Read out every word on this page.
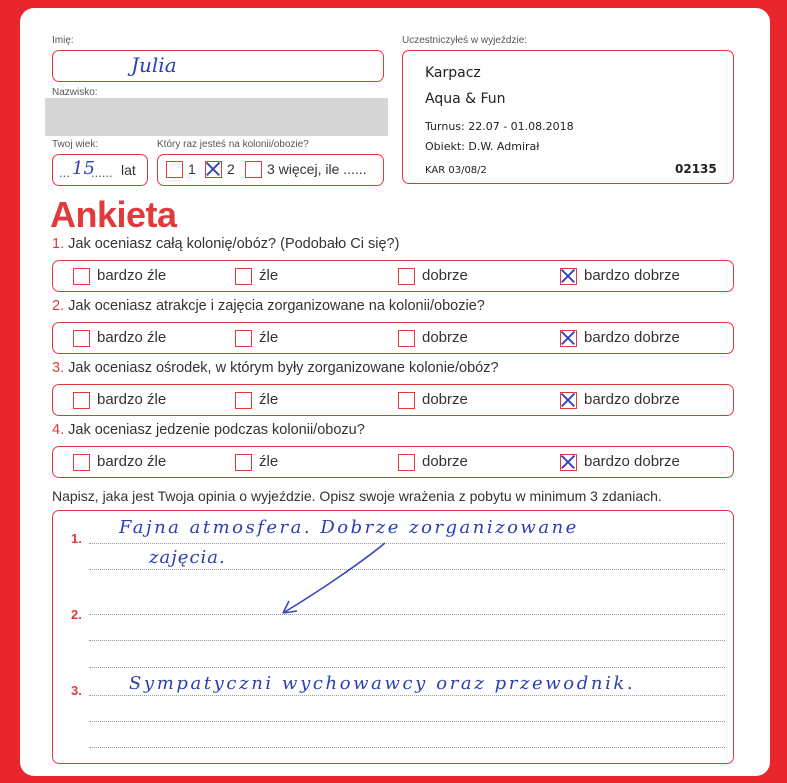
Imię:
Julia
Nazwisko:
Twoj wiek:
... 15
...... lat
Który raz jesteś na kolonii/obozie?
1 2 3 więcej, ile ......
Uczestniczyłeś w wyjeździe:
Karpacz
Aqua & Fun
Turnus: 22.07 - 01.08.2018
Obiekt: D.W. Admirał
KAR 03/08/2	02135
Ankieta
1. Jak oceniasz całą kolonię/obóz? (Podobało Ci się?)
bardzo źle	źle	dobrze	bardzo dobrze
2. Jak oceniasz atrakcje i zajęcia zorganizowane na kolonii/obozie?
bardzo źle	źle	dobrze	bardzo dobrze
3. Jak oceniasz ośrodek, w którym były zorganizowane kolonie/obóz?
bardzo źle	źle	dobrze	bardzo dobrze
4. Jak oceniasz jedzenie podczas kolonii/obozu?
bardzo źle	źle	dobrze	bardzo dobrze
Napisz, jaka jest Twoja opinia o wyjeździe. Opisz swoje wrażenia z pobytu w minimum 3 zdaniach.
1.
Fajna atmosfera. Dobrze zorganizowane
zajęcia.
2.
3.	Sympatyczni wychowawcy oraz przewodnik.
